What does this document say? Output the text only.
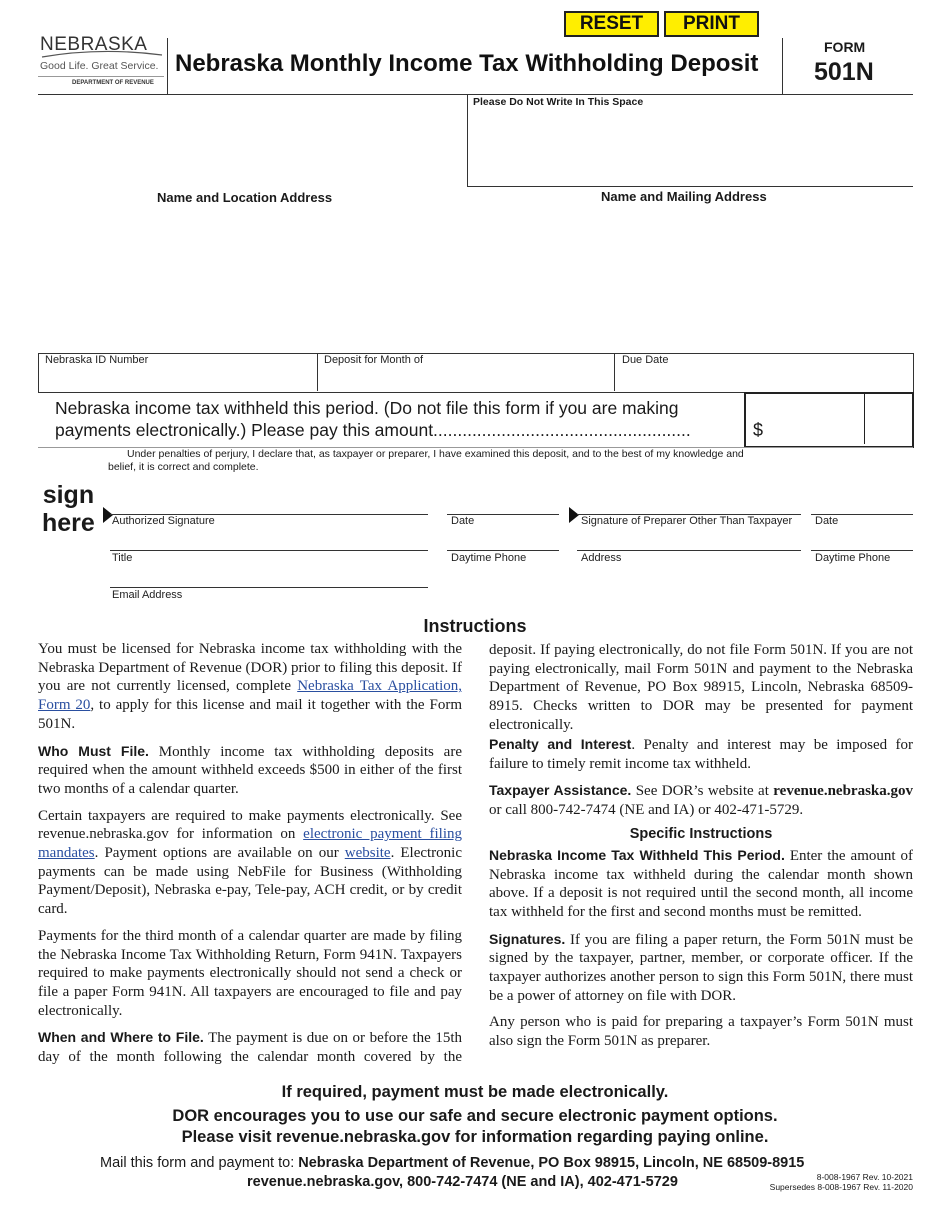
RESET	PRINT
NEBRASKA
Good Life. Great Service.
DEPARTMENT OF REVENUE
Nebraska Monthly Income Tax Withholding Deposit
FORM
501N
Please Do Not Write In This Space
Name and Location Address	Name and Mailing Address
Nebraska ID Number	Deposit for Month of	Due Date
Nebraska income tax withheld this period. (Do not file this form if you are making
payments electronically.) Please pay this amount.....................................................	$
Under penalties of perjury, I declare that, as taxpayer or preparer, I have examined this deposit, and to the best of my knowledge and
belief, it is correct and complete.
sign
here Authorized Signature	Date	Signature of Preparer Other Than Taxpayer Date
Title	Daytime Phone	Address	Daytime Phone
Email Address
Instructions

You must be licensed for Nebraska income tax withholding with the Nebraska Department of Revenue (DOR) prior to filing this deposit. If you are not currently licensed, complete Nebraska Tax Application, Form 20, to apply for this license and mail it together with the Form 501N.

Who Must File. Monthly income tax withholding deposits are required when the amount withheld exceeds $500 in either of the first two months of a calendar quarter.

Certain taxpayers are required to make payments electronically. See revenue.nebraska.gov for information on electronic payment filing mandates. Payment options are available on our website. Electronic payments can be made using NebFile for Business (Withholding Payment/Deposit), Nebraska e-pay, Tele-pay, ACH credit, or by credit card.

Payments for the third month of a calendar quarter are made by filing the Nebraska Income Tax Withholding Return, Form 941N. Taxpayers required to make payments electronically should not send a check or file a paper Form 941N. All taxpayers are encouraged to file and pay electronically.

When and Where to File. The payment is due on or before the 15th day of the month following the calendar month covered by the

deposit. If paying electronically, do not file Form 501N. If you are not paying electronically, mail Form 501N and payment to the Nebraska Department of Revenue, PO Box 98915, Lincoln, Nebraska 68509-8915. Checks written to DOR may be presented for payment electronically.

Penalty and Interest. Penalty and interest may be imposed for failure to timely remit income tax withheld.

Taxpayer Assistance. See DOR’s website at revenue.nebraska.gov or call 800-742-7474 (NE and IA) or 402-471-5729.

Specific Instructions

Nebraska Income Tax Withheld This Period. Enter the amount of Nebraska income tax withheld during the calendar month shown above. If a deposit is not required until the second month, all income tax withheld for the first and second months must be remitted.

Signatures. If you are filing a paper return, the Form 501N must be signed by the taxpayer, partner, member, or corporate officer. If the taxpayer authorizes another person to sign this Form 501N, there must be a power of attorney on file with DOR.

Any person who is paid for preparing a taxpayer’s Form 501N must also sign the Form 501N as preparer.

If required, payment must be made electronically.
DOR encourages you to use our safe and secure electronic payment options.
Please visit revenue.nebraska.gov for information regarding paying online.
Mail this form and payment to: Nebraska Department of Revenue, PO Box 98915, Lincoln, NE 68509-8915
revenue.nebraska.gov, 800-742-7474 (NE and IA), 402-471-5729	8-008-1967 Rev. 10-2021
Supersedes 8-008-1967 Rev. 11-2020
